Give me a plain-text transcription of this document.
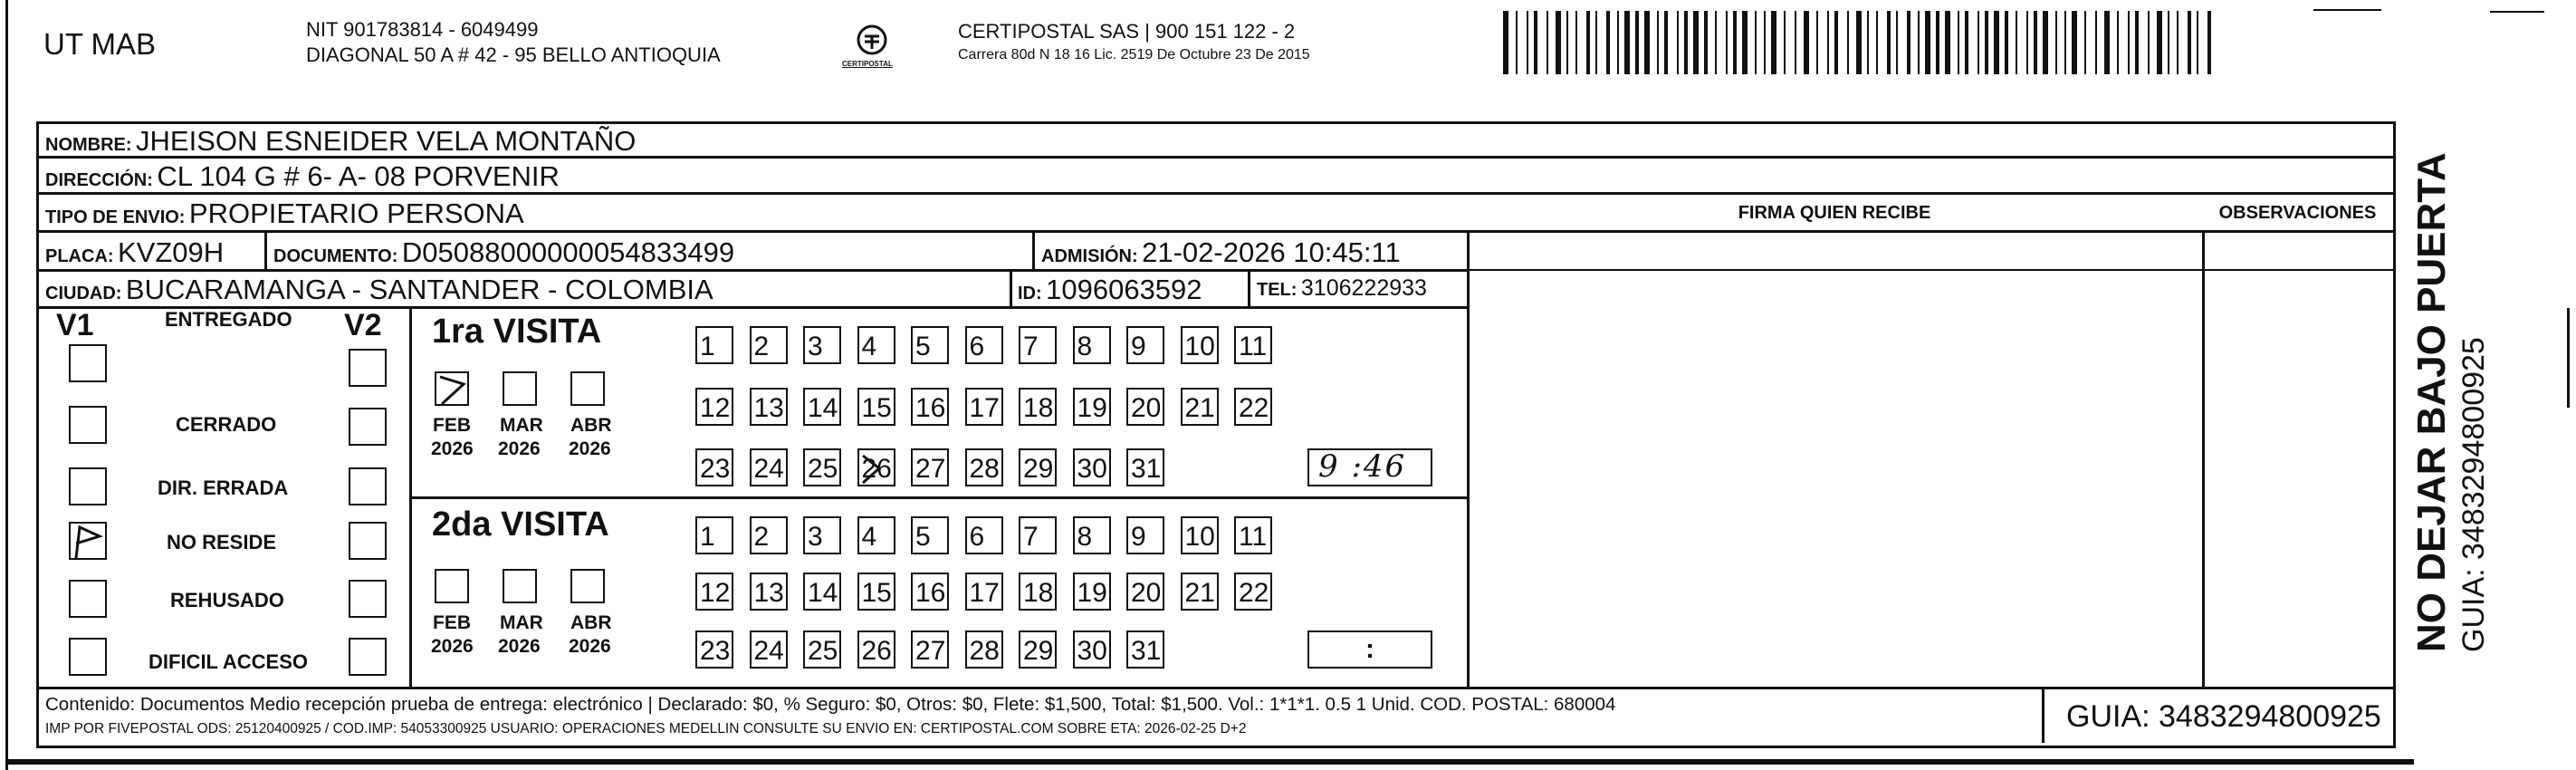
UT MAB	NIT 901783814 - 6049499
DIAGONAL 50 A # 42 - 95 BELLO ANTIOQUIA	CERTIPOSTAL
CERTIPOSTAL SAS | 900 151 122 - 2
Carrera 80d N 18 16 Lic. 2519 De Octubre 23 De 2015
NOMBRE: JHEISON ESNEIDER VELA MONTAÑO
DIRECCIÓN: CL 104 G # 6- A- 08 PORVENIR
TIPO DE ENVIO: PROPIETARIO PERSONA	FIRMA QUIEN RECIBE	OBSERVACIONES
PLACA: KVZ09H	DOCUMENTO: D05088000000054833499	ADMISIÓN: 21-02-2026 10:45:11
CIUDAD: BUCARAMANGA - SANTANDER - COLOMBIA	ID: 1096063592	TEL: 3106222933
V1	V2
ENTREGADO
CERRADO
DIR. ERRADA
NO RESIDE
REHUSADO
DIFICIL ACCESO
1ra VISITA
FEB MAR ABR
2026 2026 2026
2da VISITA
FEB MAR ABR
2026 2026 2026
1	2	3	4	5	6	7	8	9	10 11
12 13 14 15 16 17 18 19 20 21 22
23 24 25 26 27 28 29 30 31
1	2	3	4	5	6	7	8	9	10 11
12 13 14 15 16 17 18 19 20 21 22
23 24 25 26 27 28 29 30 31
9 :46
:
Contenido: Documentos Medio recepción prueba de entrega: electrónico | Declarado: $0, % Seguro: $0, Otros: $0, Flete: $1,500, Total: $1,500. Vol.: 1*1*1. 0.5 1 Unid. COD. POSTAL: 680004
IMP POR FIVEPOSTAL ODS: 25120400925 / COD.IMP: 54053300925 USUARIO: OPERACIONES MEDELLIN CONSULTE SU ENVIO EN: CERTIPOSTAL.COM SOBRE ETA: 2026-02-25 D+2	GUIA: 3483294800925
NO DEJAR BAJO PUERTA GUIA: 3483294800925
